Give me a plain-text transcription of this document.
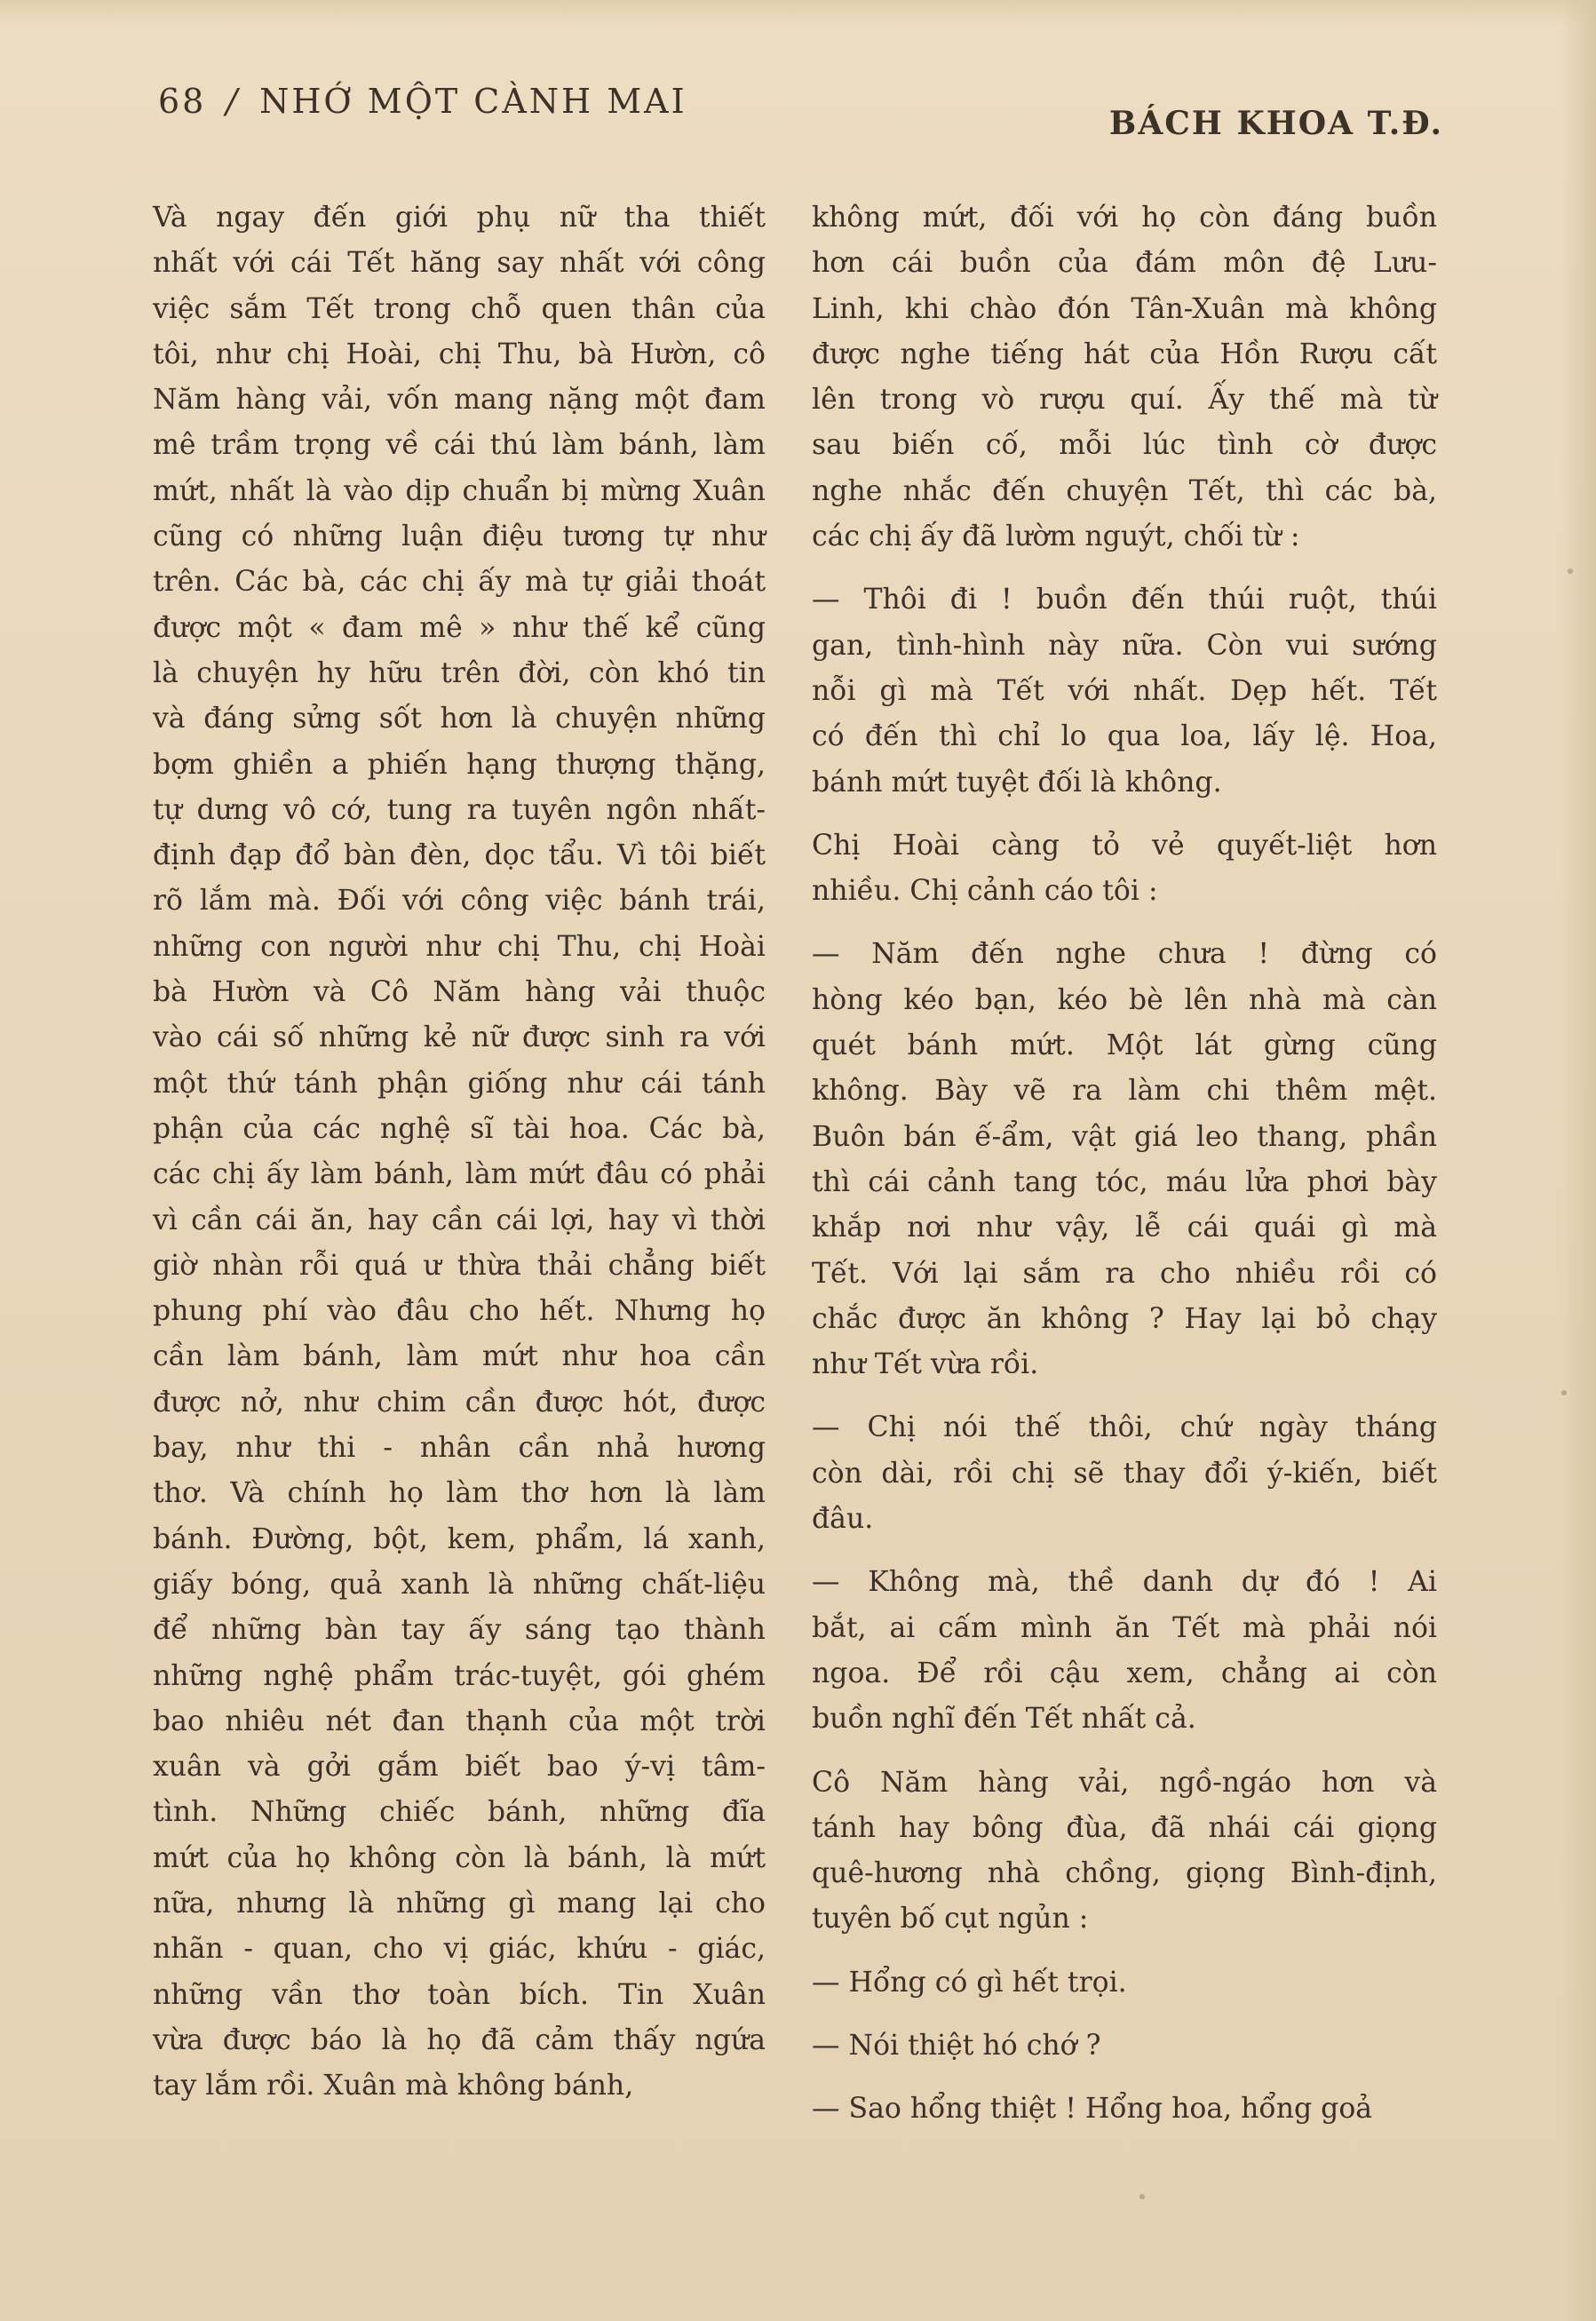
68 / NHỚ MỘT CÀNH MAI
BÁCH KHOA T.Đ.
Và ngay đến giới phụ nữ tha thiết
nhất với cái Tết hăng say nhất với công
việc sắm Tết trong chỗ quen thân của
tôi, như chị Hoài, chị Thu, bà Hườn, cô
Năm hàng vải, vốn mang nặng một đam
mê trầm trọng về cái thú làm bánh, làm
mứt, nhất là vào dịp chuẩn bị mừng Xuân
cũng có những luận điệu tương tự như
trên. Các bà, các chị ấy mà tự giải thoát
được một « đam mê » như thế kể cũng
là chuyện hy hữu trên đời, còn khó tin
và đáng sửng sốt hơn là chuyện những
bợm ghiền a phiến hạng thượng thặng,
tự dưng vô cớ, tung ra tuyên ngôn nhất-
định đạp đổ bàn đèn, dọc tẩu. Vì tôi biết
rõ lắm mà. Đối với công việc bánh trái,
những con người như chị Thu, chị Hoài
bà Hườn và Cô Năm hàng vải thuộc
vào cái số những kẻ nữ được sinh ra với
một thứ tánh phận giống như cái tánh
phận của các nghệ sĩ tài hoa. Các bà,
các chị ấy làm bánh, làm mứt đâu có phải
vì cần cái ăn, hay cần cái lợi, hay vì thời
giờ nhàn rỗi quá ư thừa thải chẳng biết
phung phí vào đâu cho hết. Nhưng họ
cần làm bánh, làm mứt như hoa cần
được nở, như chim cần được hót, được
bay, như thi - nhân cần nhả hương
thơ. Và chính họ làm thơ hơn là làm
bánh. Đường, bột, kem, phẩm, lá xanh,
giấy bóng, quả xanh là những chất-liệu
để những bàn tay ấy sáng tạo thành
những nghệ phẩm trác-tuyệt, gói ghém
bao nhiêu nét đan thạnh của một trời
xuân và gởi gắm biết bao ý-vị tâm-
tình. Những chiếc bánh, những đĩa
mứt của họ không còn là bánh, là mứt
nữa, nhưng là những gì mang lại cho
nhãn - quan, cho vị giác, khứu - giác,
những vần thơ toàn bích. Tin Xuân
vừa được báo là họ đã cảm thấy ngứa
tay lắm rồi. Xuân mà không bánh,
không mứt, đối với họ còn đáng buồn
hơn cái buồn của đám môn đệ Lưu-
Linh, khi chào đón Tân-Xuân mà không
được nghe tiếng hát của Hồn Rượu cất
lên trong vò rượu quí. Ấy thế mà từ
sau biến cố, mỗi lúc tình cờ được
nghe nhắc đến chuyện Tết, thì các bà,
các chị ấy đã lườm nguýt, chối từ :
— Thôi đi ! buồn đến thúi ruột, thúi
gan, tình-hình này nữa. Còn vui sướng
nỗi gì mà Tết với nhất. Dẹp hết. Tết
có đến thì chỉ lo qua loa, lấy lệ. Hoa,
bánh mứt tuyệt đối là không.
Chị Hoài càng tỏ vẻ quyết-liệt hơn
nhiều. Chị cảnh cáo tôi :
— Năm đến nghe chưa ! đừng có
hòng kéo bạn, kéo bè lên nhà mà càn
quét bánh mứt. Một lát gừng cũng
không. Bày vẽ ra làm chi thêm mệt.
Buôn bán ế-ẩm, vật giá leo thang, phần
thì cái cảnh tang tóc, máu lửa phơi bày
khắp nơi như vậy, lễ cái quái gì mà
Tết. Với lại sắm ra cho nhiều rồi có
chắc được ăn không ? Hay lại bỏ chạy
như Tết vừa rồi.
— Chị nói thế thôi, chứ ngày tháng
còn dài, rồi chị sẽ thay đổi ý-kiến, biết
đâu.
— Không mà, thề danh dự đó ! Ai
bắt, ai cấm mình ăn Tết mà phải nói
ngoa. Để rồi cậu xem, chẳng ai còn
buồn nghĩ đến Tết nhất cả.
Cô Năm hàng vải, ngồ-ngáo hơn và
tánh hay bông đùa, đã nhái cái giọng
quê-hương nhà chồng, giọng Bình-định,
tuyên bố cụt ngủn :
— Hổng có gì hết trọi.
— Nói thiệt hó chớ ?
— Sao hổng thiệt ! Hổng hoa, hổng goả
